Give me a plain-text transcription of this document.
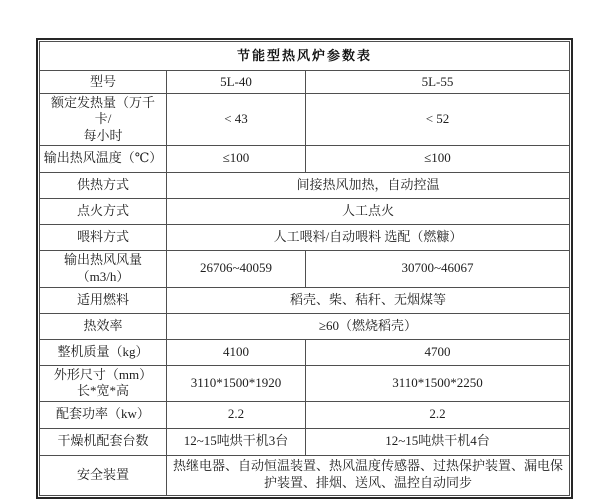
节能型热风炉参数表		
型号	5L-40	5L-55

额定发热量（万千卡/
每小时	< 43	< 52
输出热风温度（℃）	≤100	≤100
供热方式	间接热风加热，自动控温	
点火方式	人工点火	
喂料方式	人工喂料/自动喂料 选配（燃糠）	
输出热风风量（m3/h）	26706~40059	30700~46067
适用燃料	稻壳、柴、秸秆、无烟煤等	
热效率	≥60（燃烧稻壳）	
整机质量（kg）	4100	4700

外形尺寸（mm）
长*宽*高	3110*1500*1920	3110*1500*2250
配套功率（kw）	2.2	2.2
干燥机配套台数	12~15吨烘干机3台	12~15吨烘干机4台
安全装置	热继电器、自动恒温装置、热风温度传感器、过热保护装置、漏电保护装置、排烟、送风、温控自动同步	
